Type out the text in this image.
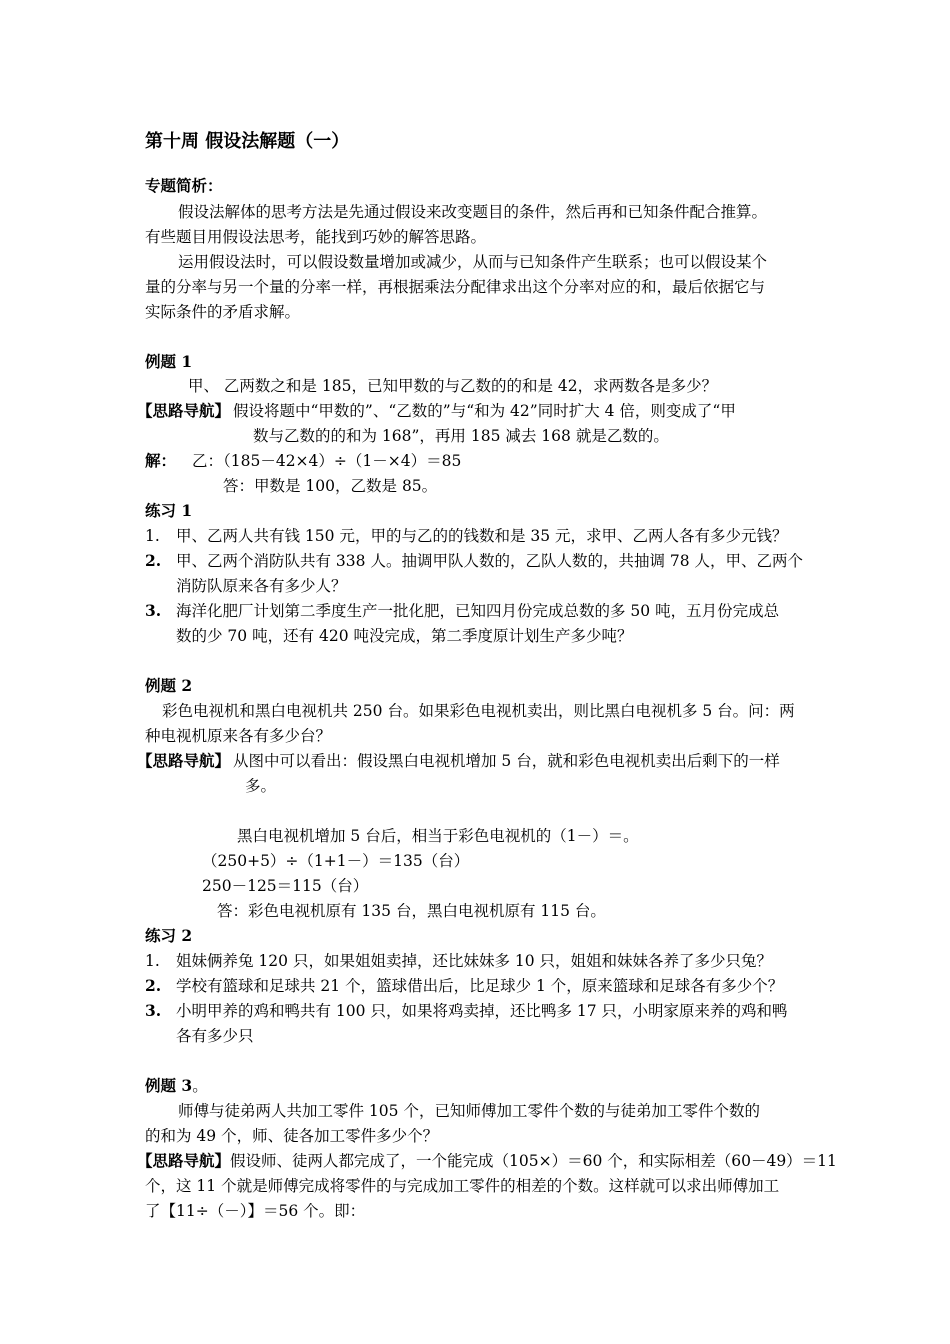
第十周 假设法解题（一）
专题简析：
假设法解体的思考方法是先通过假设来改变题目的条件，然后再和已知条件配合推算。
有些题目用假设法思考，能找到巧妙的解答思路。
运用假设法时，可以假设数量增加或减少，从而与已知条件产生联系；也可以假设某个
量的分率与另一个量的分率一样，再根据乘法分配律求出这个分率对应的和，最后依据它与
实际条件的矛盾求解。
例题 1
甲、 乙两数之和是 185，已知甲数的与乙数的的和是 42，求两数各是多少？
【思路导航】 假设将题中“甲数的”、“乙数的”与“和为 42”同时扩大 4 倍，则变成了“甲
数与乙数的的和为 168”，再用 185 减去 168 就是乙数的。
解： 乙：（185－42×4）÷（1－×4）＝85
答：甲数是 100，乙数是 85。
练习 1
1. 甲、乙两人共有钱 150 元，甲的与乙的的钱数和是 35 元，求甲、乙两人各有多少元钱？
2. 甲、乙两个消防队共有 338 人。抽调甲队人数的，乙队人数的，共抽调 78 人，甲、乙两个
消防队原来各有多少人？
3. 海洋化肥厂计划第二季度生产一批化肥，已知四月份完成总数的多 50 吨，五月份完成总
数的少 70 吨，还有 420 吨没完成，第二季度原计划生产多少吨？
例题 2
彩色电视机和黑白电视机共 250 台。如果彩色电视机卖出，则比黑白电视机多 5 台。问：两
种电视机原来各有多少台？
【思路导航】 从图中可以看出：假设黑白电视机增加 5 台，就和彩色电视机卖出后剩下的一样
多。
黑白电视机增加 5 台后，相当于彩色电视机的（1－）＝。
（250+5）÷（1+1－）＝135（台）
250－125＝115（台）
答：彩色电视机原有 135 台，黑白电视机原有 115 台。
练习 2
1. 姐妹俩养兔 120 只，如果姐姐卖掉，还比妹妹多 10 只，姐姐和妹妹各养了多少只兔？
2. 学校有篮球和足球共 21 个，篮球借出后，比足球少 1 个，原来篮球和足球各有多少个？
3. 小明甲养的鸡和鸭共有 100 只，如果将鸡卖掉，还比鸭多 17 只，小明家原来养的鸡和鸭
各有多少只
例题 3。
师傅与徒弟两人共加工零件 105 个，已知师傅加工零件个数的与徒弟加工零件个数的
的和为 49 个，师、徒各加工零件多少个？
【思路导航】假设师、徒两人都完成了，一个能完成（105×）＝60 个，和实际相差（60－49）＝11
个，这 11 个就是师傅完成将零件的与完成加工零件的相差的个数。这样就可以求出师傅加工
了【11÷（－）】＝56 个。即：
